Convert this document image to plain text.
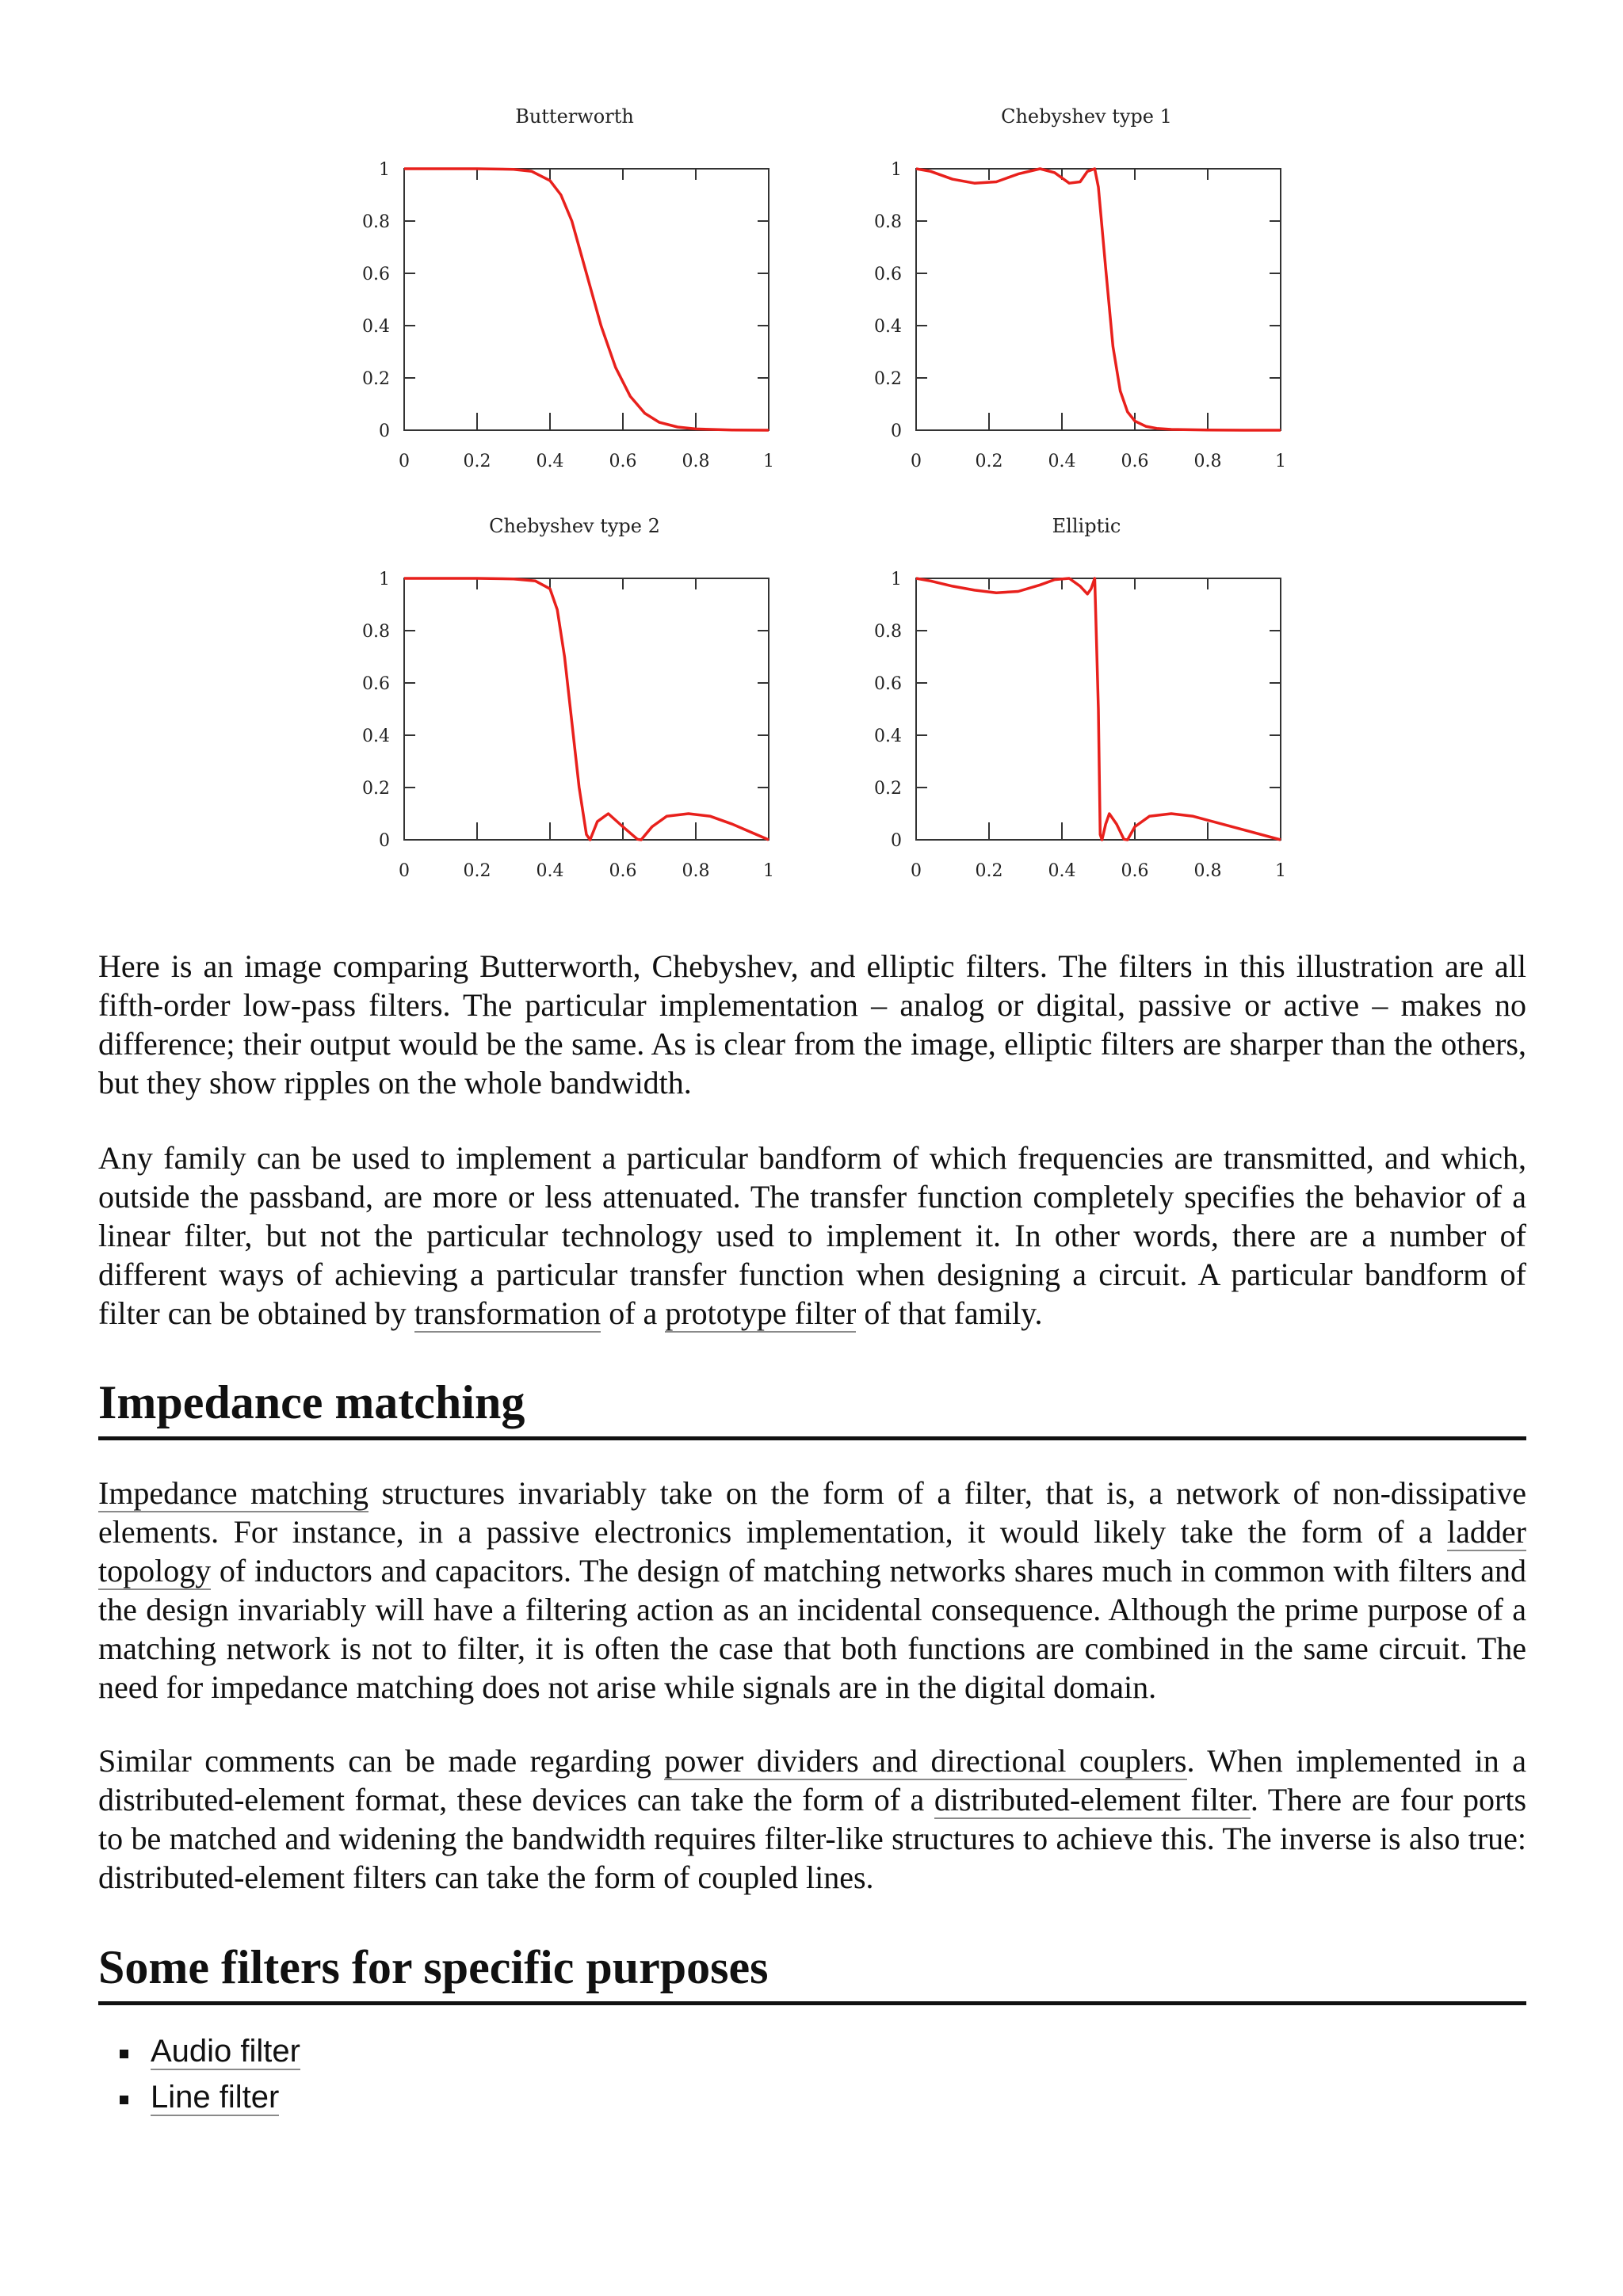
Butterworth
0
0.2
0.4
0.6
0.8
1
0	0.2	0.4	0.6	0.8	1
Chebyshev type 1
0
0.2
0.4
0.6
0.8
1
0	0.2	0.4	0.6	0.8	1
Chebyshev type 2
0
0.2
0.4
0.6
0.8
1
0	0.2	0.4	0.6	0.8	1
Elliptic
0
0.2
0.4
0.6
0.8
1
0	0.2	0.4	0.6	0.8	1

Here is an image comparing Butterworth, Chebyshev, and elliptic filters. The filters in this illustration are all fifth-order low-pass filters. The particular implementation – analog or digital, passive or active – makes no difference; their output would be the same. As is clear from the image, elliptic filters are sharper than the others, but they show ripples on the whole bandwidth.

Any family can be used to implement a particular bandform of which frequencies are transmitted, and which, outside the passband, are more or less attenuated. The transfer function completely specifies the behavior of a linear filter, but not the particular technology used to implement it. In other words, there are a number of different ways of achieving a particular transfer function when designing a circuit. A particular bandform of filter can be obtained by transformation of a prototype filter of that family.

Impedance matching

Impedance matching structures invariably take on the form of a filter, that is, a network of non-dissipative elements. For instance, in a passive electronics implementation, it would likely take the form of a ladder topology of inductors and capacitors. The design of matching networks shares much in common with filters and the design invariably will have a filtering action as an incidental consequence. Although the prime purpose of a matching network is not to filter, it is often the case that both functions are combined in the same circuit. The need for impedance matching does not arise while signals are in the digital domain.

Similar comments can be made regarding power dividers and directional couplers. When implemented in a distributed-element format, these devices can take the form of a distributed-element filter. There are four ports to be matched and widening the bandwidth requires filter-like structures to achieve this. The inverse is also true: distributed-element filters can take the form of coupled lines.

Some filters for specific purposes
Audio filter
Line filter
